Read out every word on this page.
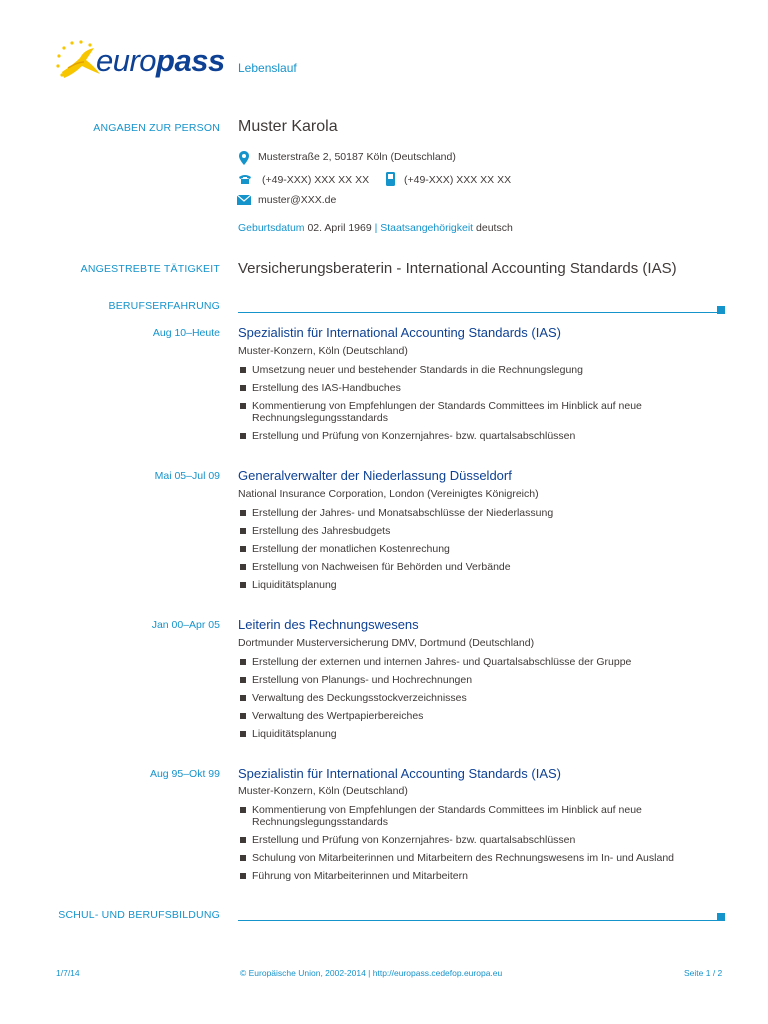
europass Lebenslauf
ANGABEN ZUR PERSON Muster Karola
Musterstraße 2, 50187 Köln (Deutschland)
(+49-XXX) XXX XX XX	(+49-XXX) XXX XX XX
muster@XXX.de
Geburtsdatum 02. April 1969 | Staatsangehörigkeit deutsch
ANGESTREBTE TÄTIGKEIT Versicherungsberaterin - International Accounting Standards (IAS)
BERUFSERFAHRUNG
Aug 10–Heute Spezialistin für International Accounting Standards (IAS)
Muster-Konzern, Köln (Deutschland)
Umsetzung neuer und bestehender Standards in die Rechnungslegung
Erstellung des IAS-Handbuches
Kommentierung von Empfehlungen der Standards Committees im Hinblick auf neue Rechnungslegungsstandards
Erstellung und Prüfung von Konzernjahres- bzw. quartalsabschlüssen
Mai 05–Jul 09 Generalverwalter der Niederlassung Düsseldorf
National Insurance Corporation, London (Vereinigtes Königreich)
Erstellung der Jahres- und Monatsabschlüsse der Niederlassung
Erstellung des Jahresbudgets
Erstellung der monatlichen Kostenrechung
Erstellung von Nachweisen für Behörden und Verbände
Liquiditätsplanung
Jan 00–Apr 05 Leiterin des Rechnungswesens
Dortmunder Musterversicherung DMV, Dortmund (Deutschland)
Erstellung der externen und internen Jahres- und Quartalsabschlüsse der Gruppe
Erstellung von Planungs- und Hochrechnungen
Verwaltung des Deckungsstockverzeichnisses
Verwaltung des Wertpapierbereiches
Liquiditätsplanung
Aug 95–Okt 99 Spezialistin für International Accounting Standards (IAS)
Muster-Konzern, Köln (Deutschland)
Kommentierung von Empfehlungen der Standards Committees im Hinblick auf neue Rechnungslegungsstandards
Erstellung und Prüfung von Konzernjahres- bzw. quartalsabschlüssen
Schulung von Mitarbeiterinnen und Mitarbeitern des Rechnungswesens im In- und Ausland
Führung von Mitarbeiterinnen und Mitarbeitern
SCHUL- UND BERUFSBILDUNG
1/7/14	© Europäische Union, 2002-2014 | http://europass.cedefop.europa.eu	Seite 1 / 2
